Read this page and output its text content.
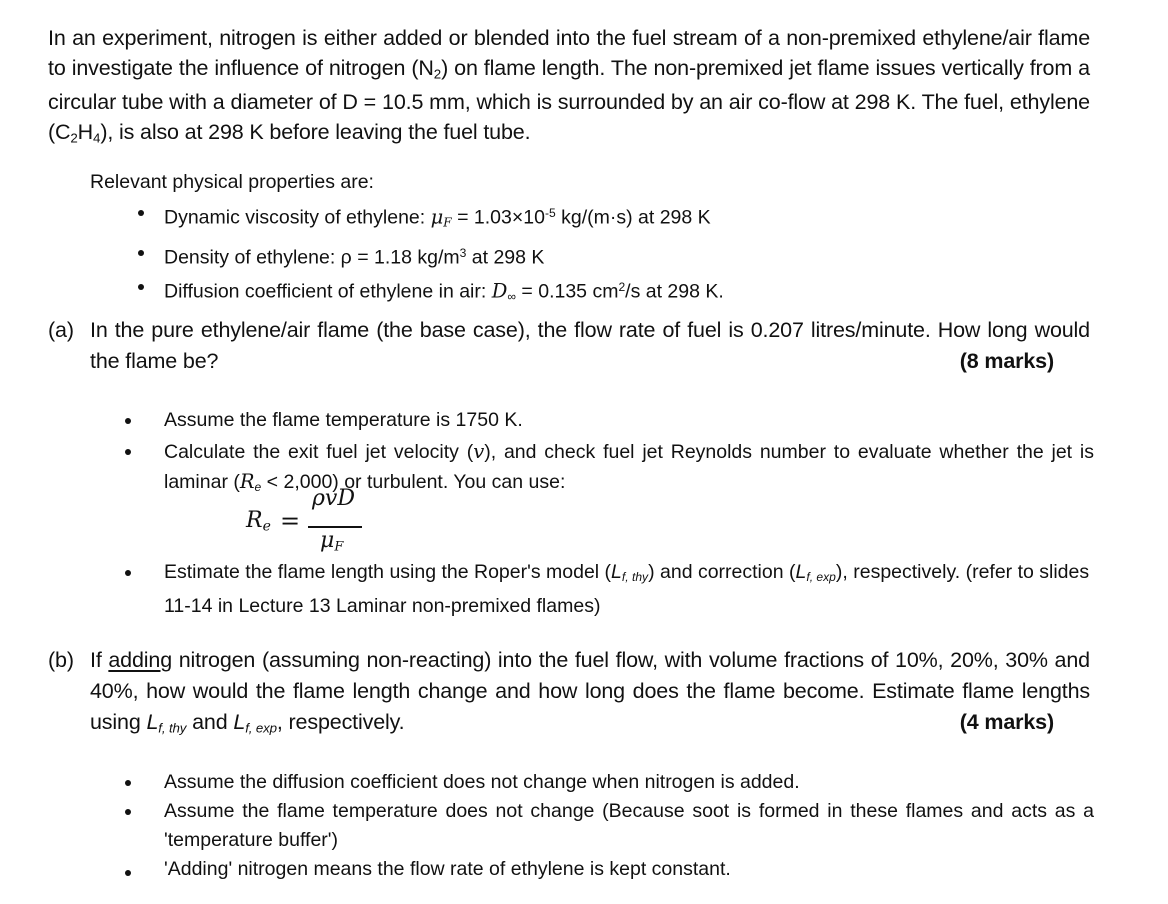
In an experiment, nitrogen is either added or blended into the fuel stream of a non-premixed ethylene/air flame to investigate the influence of nitrogen $(N_2)$ on flame length. The non-premixed jet flame issues vertically from a circular tube with a diameter of D = 10.5 mm, which is surrounded by an air co-flow at 298 K. The fuel, ethylene $(C_2H_4)$, is also at 298 K before leaving the fuel tube.
Relevant physical properties are:
Dynamic viscosity of ethylene: $\mu_F = 1.03\times 10^{-5}$ kg/(m·s) at 298 K
Density of ethylene: ρ = 1.18 $kg/m^3$ at 298 K
Diffusion coefficient of ethylene in air: $D_\infty = 0.135$ $cm^2/s$ at 298 K.
(a) In the pure ethylene/air flame (the base case), the flow rate of fuel is 0.207 litres/minute. How long would the flame be?	(8 marks)
Assume the flame temperature is 1750 K.
Calculate the exit fuel jet velocity (v), and check fuel jet Reynolds number to evaluate whether the jet is laminar $(R_e < 2,000)$ or turbulent. You can use:
$R_e$ =
ρvD
$\mu_F$
Estimate the flame length using the Roper's model $(L_{f, thy})$ and correction $(L_{f, exp})$, respectively. (refer to slides 11-14 in Lecture 13 Laminar non-premixed flames)
(b) If adding nitrogen (assuming non-reacting) into the fuel flow, with volume fractions of 10%, 20%, 30% and 40%, how would the flame length change and how long does the flame become. Estimate flame lengths using $L_{f, thy}$ and $L_{f, exp}$, respectively.	(4 marks)
Assume the diffusion coefficient does not change when nitrogen is added.
Assume the flame temperature does not change (Because soot is formed in these flames and acts as a 'temperature buffer')
'Adding' nitrogen means the flow rate of ethylene is kept constant.
